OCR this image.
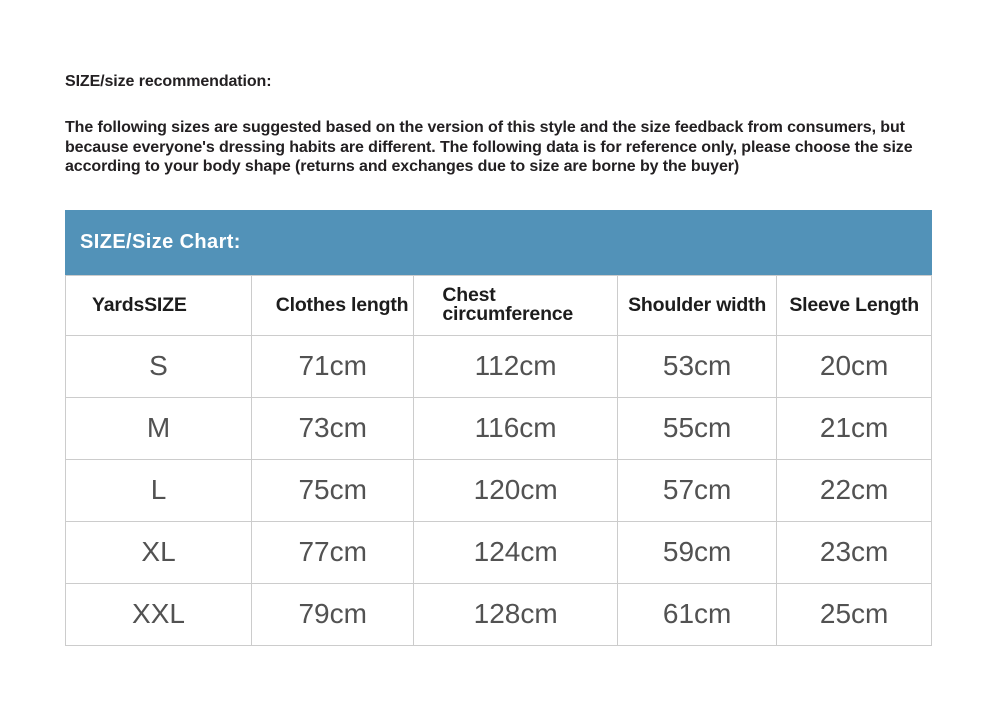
SIZE/size recommendation:

The following sizes are suggested based on the version of this style and the size feedback from consumers, but because everyone's dressing habits are different. The following data is for reference only, please choose the size according to your body shape (returns and exchanges due to size are borne by the buyer)

SIZE/Size Chart:
YardsSIZE	Clothes length	Chest circumference	Shoulder width	Sleeve Length
S	71cm	112cm	53cm	20cm
M	73cm	116cm	55cm	21cm
L	75cm	120cm	57cm	22cm
XL	77cm	124cm	59cm	23cm
XXL	79cm	128cm	61cm	25cm
